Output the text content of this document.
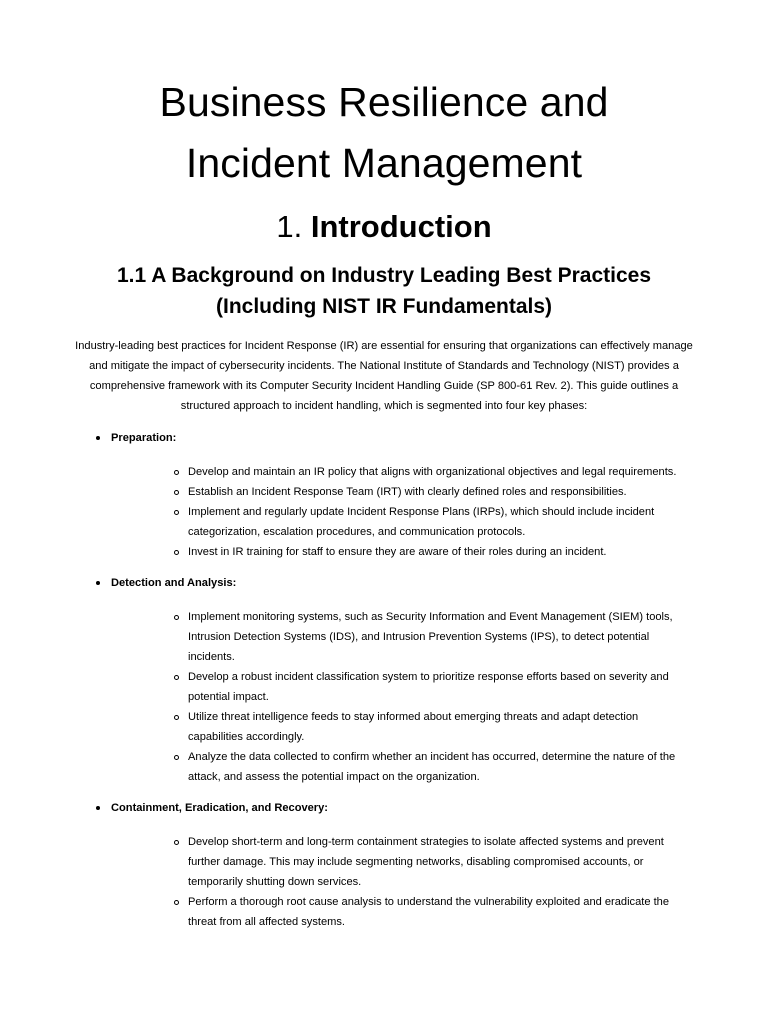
Business Resilience and
Incident Management
1. Introduction
1.1 A Background on Industry Leading Best Practices
(Including NIST IR Fundamentals)

Industry-leading best practices for Incident Response (IR) are essential for ensuring that organizations can effectively manage and mitigate the impact of cybersecurity incidents. The National Institute of Standards and Technology (NIST) provides a comprehensive framework with its Computer Security Incident Handling Guide (SP 800-61 Rev. 2). This guide outlines a structured approach to incident handling, which is segmented into four key phases:

Preparation:
Develop and maintain an IR policy that aligns with organizational objectives and legal requirements.
Establish an Incident Response Team (IRT) with clearly defined roles and responsibilities.
Implement and regularly update Incident Response Plans (IRPs), which should include incident categorization, escalation procedures, and communication protocols.
Invest in IR training for staff to ensure they are aware of their roles during an incident.
Detection and Analysis:
Implement monitoring systems, such as Security Information and Event Management (SIEM) tools, Intrusion Detection Systems (IDS), and Intrusion Prevention Systems (IPS), to detect potential incidents.
Develop a robust incident classification system to prioritize response efforts based on severity and potential impact.
Utilize threat intelligence feeds to stay informed about emerging threats and adapt detection capabilities accordingly.
Analyze the data collected to confirm whether an incident has occurred, determine the nature of the attack, and assess the potential impact on the organization.
Containment, Eradication, and Recovery:
Develop short-term and long-term containment strategies to isolate affected systems and prevent further damage. This may include segmenting networks, disabling compromised accounts, or temporarily shutting down services.
Perform a thorough root cause analysis to understand the vulnerability exploited and eradicate the threat from all affected systems.
